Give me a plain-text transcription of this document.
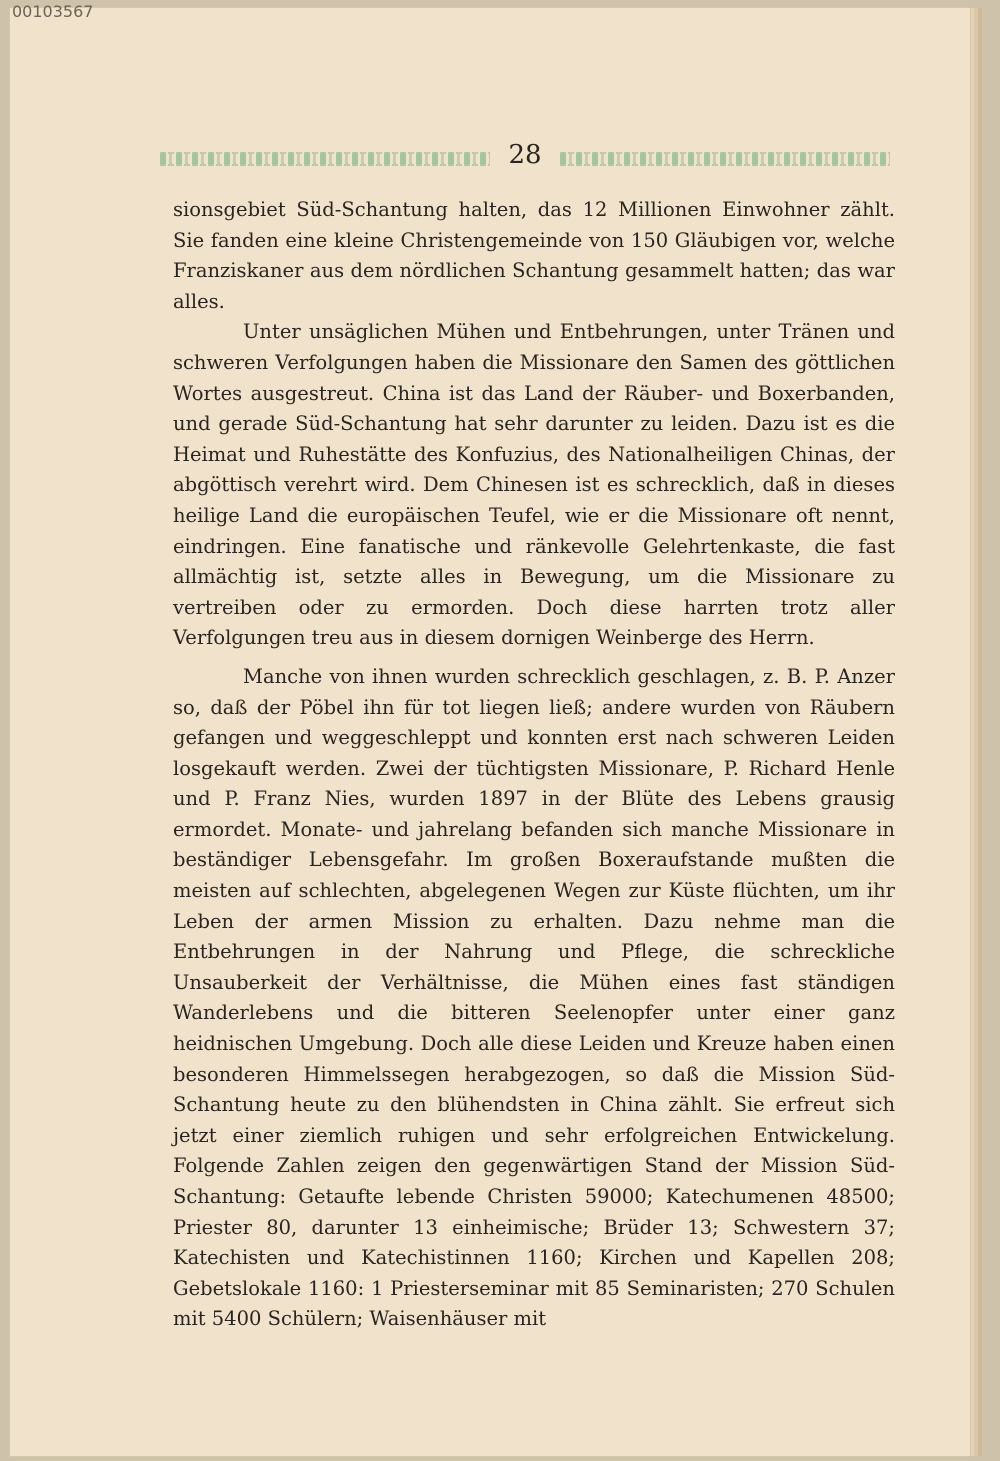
00103567
28

sionsgebiet Süd-Schantung halten, das 12 Millionen Einwohner zählt. Sie fanden eine kleine Christengemeinde von 150 Gläubigen vor, welche Franziskaner aus dem nördlichen Schantung gesammelt hatten; das war alles.

Unter unsäglichen Mühen und Entbehrungen, unter Tränen und schweren Verfolgungen haben die Missionare den Samen des göttlichen Wortes ausgestreut. China ist das Land der Räuber- und Boxerbanden, und gerade Süd-Schantung hat sehr darunter zu leiden. Dazu ist es die Heimat und Ruhestätte des Konfuzius, des Nationalheiligen Chinas, der abgöttisch verehrt wird. Dem Chinesen ist es schrecklich, daß in dieses heilige Land die europäischen Teufel, wie er die Missionare oft nennt, eindringen. Eine fanatische und ränkevolle Gelehrtenkaste, die fast allmächtig ist, setzte alles in Bewegung, um die Missionare zu vertreiben oder zu ermorden. Doch diese harrten trotz aller Verfolgungen treu aus in diesem dornigen Weinberge des Herrn.

Manche von ihnen wurden schrecklich geschlagen, z. B. P. Anzer so, daß der Pöbel ihn für tot liegen ließ; andere wurden von Räubern gefangen und weggeschleppt und konnten erst nach schweren Leiden losgekauft werden. Zwei der tüchtigsten Missionare, P. Richard Henle und P. Franz Nies, wurden 1897 in der Blüte des Lebens grausig ermordet. Monate- und jahrelang befanden sich manche Missionare in beständiger Lebensgefahr. Im großen Boxeraufstande mußten die meisten auf schlechten, abgelegenen Wegen zur Küste flüchten, um ihr Leben der armen Mission zu erhalten. Dazu nehme man die Entbehrungen in der Nahrung und Pflege, die schreckliche Unsauberkeit der Verhältnisse, die Mühen eines fast ständigen Wanderlebens und die bitteren Seelenopfer unter einer ganz heidnischen Umgebung. Doch alle diese Leiden und Kreuze haben einen besonderen Himmelssegen herabgezogen, so daß die Mission Süd-Schantung heute zu den blühendsten in China zählt. Sie erfreut sich jetzt einer ziemlich ruhigen und sehr erfolgreichen Entwickelung. Folgende Zahlen zeigen den gegenwärtigen Stand der Mission Süd-Schantung: Getaufte lebende Christen 59000; Katechumenen 48500; Priester 80, darunter 13 einheimische; Brüder 13; Schwestern 37; Katechisten und Katechistinnen 1160; Kirchen und Kapellen 208; Gebetslokale 1160: 1 Priesterseminar mit 85 Seminaristen; 270 Schulen mit 5400 Schülern; Waisenhäuser mit
